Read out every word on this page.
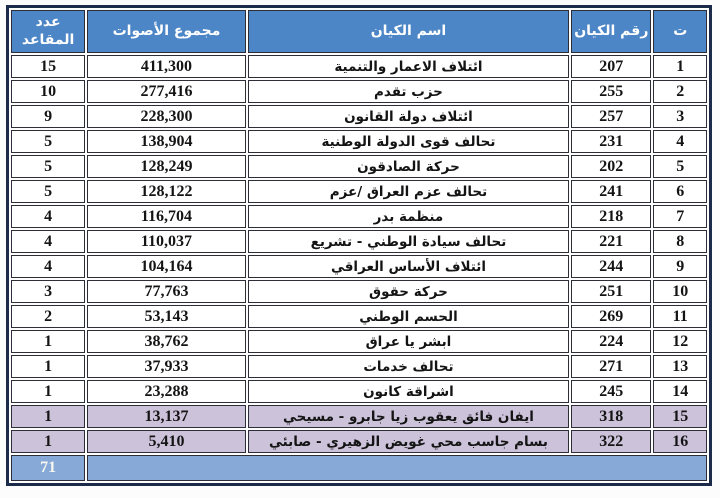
ت	رقم الكيان	اسم الكيان	مجموع الأصوات	عدد المقاعد
1	207	ائتلاف الاعمار والتنمية	411,300	15
2	255	حزب تقدم	277,416	10
3	257	ائتلاف دولة القانون	228,300	9
4	231	تحالف قوى الدولة الوطنية	138,904	5
5	202	حركة الصادقون	128,249	5
6	241	تحالف عزم العراق /عزم	128,122	5
7	218	منظمة بدر	116,704	4
8	221	تحالف سيادة الوطني - تشريع	110,037	4
9	244	ائتلاف الأساس العراقي	104,164	4
10	251	حركة حقوق	77,763	3
11	269	الحسم الوطني	53,143	2
12	224	ابشر يا عراق	38,762	1
13	271	تحالف خدمات	37,933	1
14	245	اشراقة كانون	23,288	1
15	318	ايفان فائق يعقوب زيا جابرو - مسيحي	13,137	1
16	322	بسام جاسب محي غويض الزهيري - صابئي	5,410	1
				71
